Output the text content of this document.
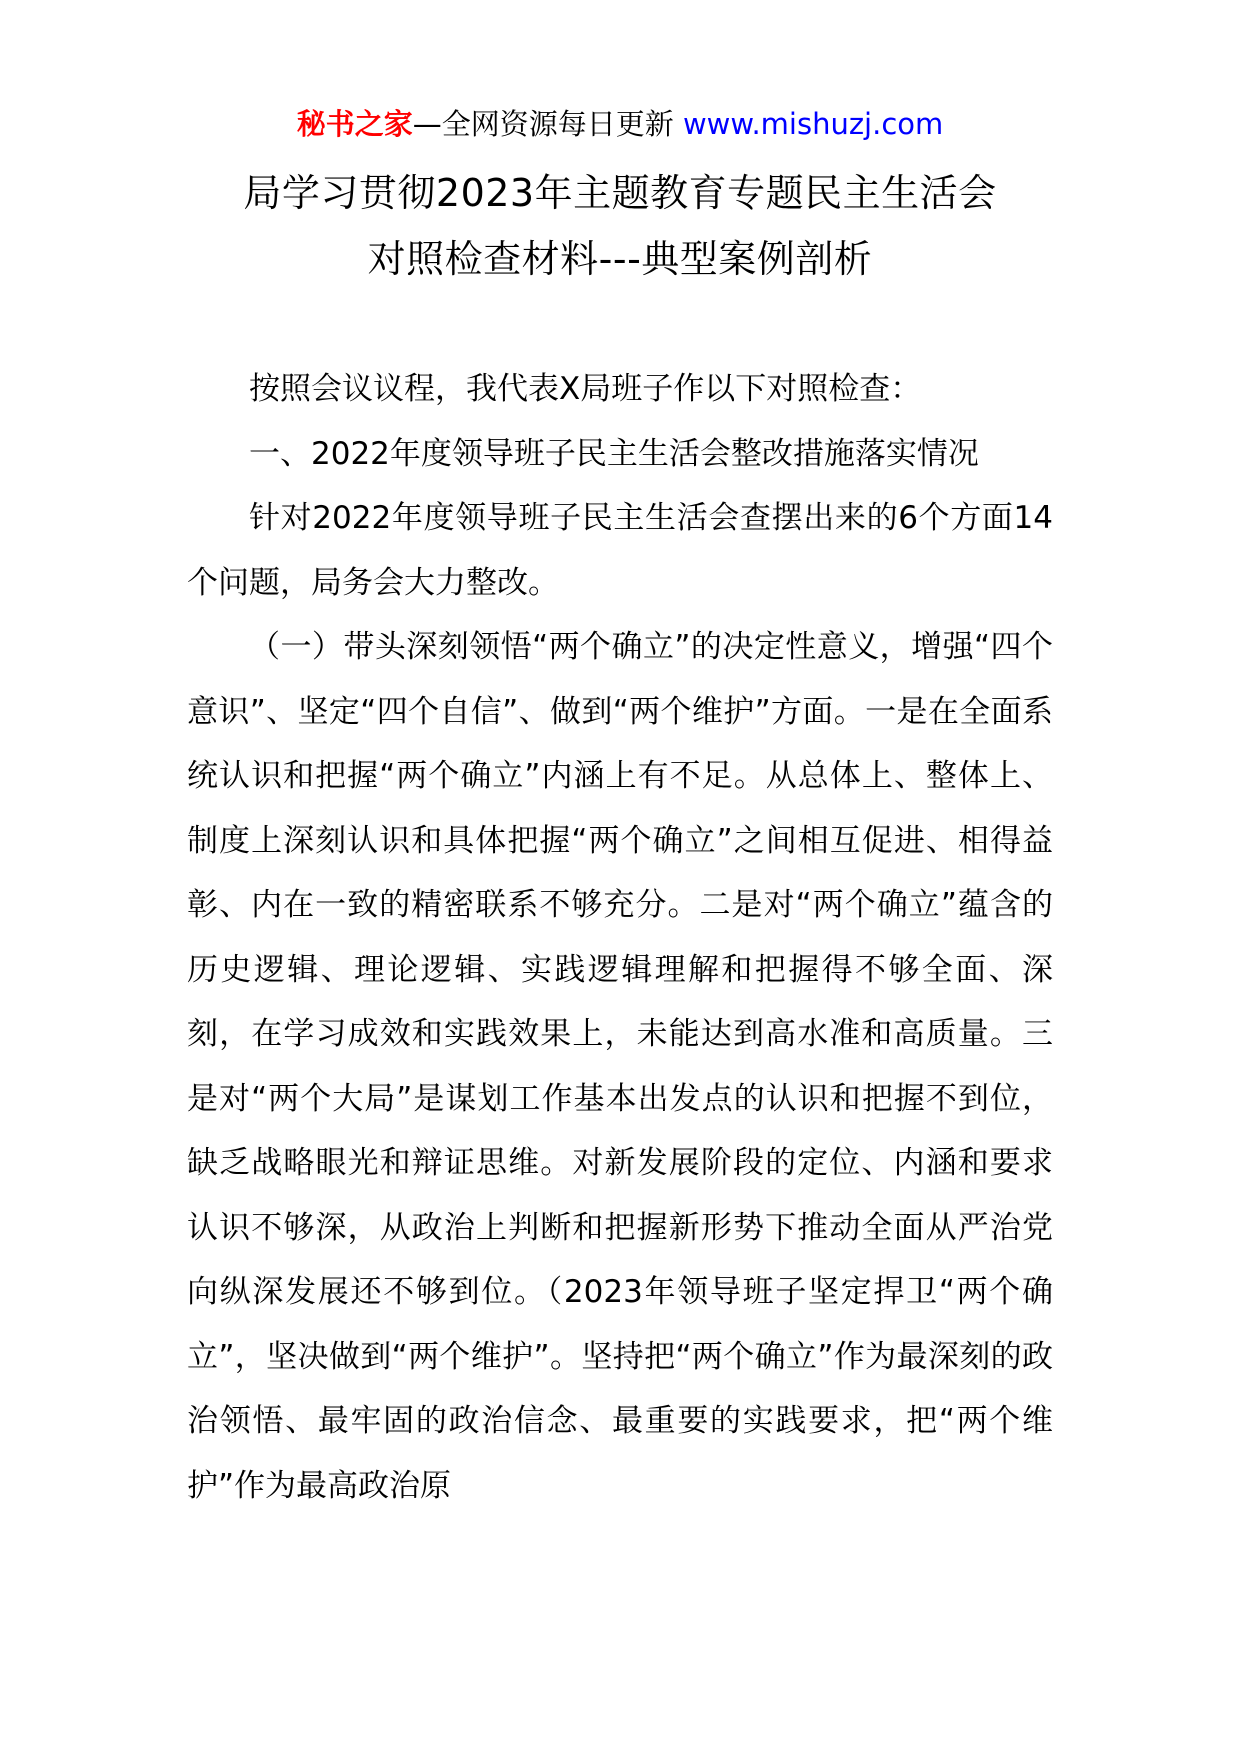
秘书之家—全网资源每日更新 www.mishuzj.com
局学习贯彻2023年主题教育专题民主生活会
对照检查材料---典型案例剖析

按照会议议程，我代表X局班子作以下对照检查：

一、2022年度领导班子民主生活会整改措施落实情况

针对2022年度领导班子民主生活会查摆出来的6个方面14个问题，局务会大力整改。

（一）带头深刻领悟“两个确立”的决定性意义，增强“四个意识”、坚定“四个自信”、做到“两个维护”方面。一是在全面系统认识和把握“两个确立”内涵上有不足。从总体上、整体上、制度上深刻认识和具体把握“两个确立”之间相互促进、相得益彰、内在一致的精密联系不够充分。二是对“两个确立”蕴含的历史逻辑、理论逻辑、实践逻辑理解和把握得不够全面、深刻，在学习成效和实践效果上，未能达到高水准和高质量。三是对“两个大局”是谋划工作基本出发点的认识和把握不到位，缺乏战略眼光和辩证思维。对新发展阶段的定位、内涵和要求认识不够深，从政治上判断和把握新形势下推动全面从严治党向纵深发展还不够到位。（2023年领导班子坚定捍卫“两个确立”，坚决做到“两个维护”。坚持把“两个确立”作为最深刻的政治领悟、最牢固的政治信念、最重要的实践要求，把“两个维护”作为最高政治原
